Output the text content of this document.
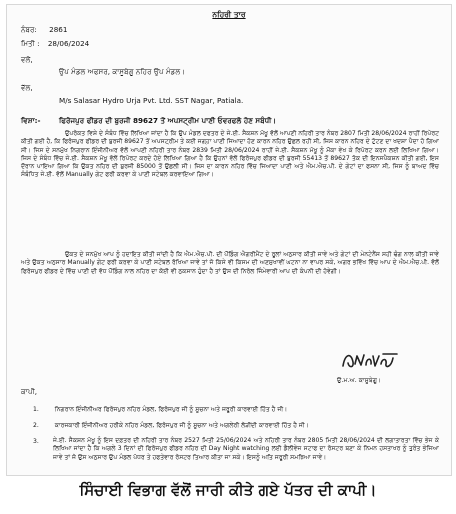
ਨਹਿਰੀ ਤਾਰ
ਨੰਬਰ: 2861
ਮਿਤੀ : 28/06/2024
ਵਲੋਂ,
ਉਪ ਮੰਡਲ ਅਫਸਰ, ਕਾਸੂਬੇਗੂ ਨਹਿਰ ਉਪ ਮੰਡਲ।
ਵੱਲ,
M/s Salasar Hydro Urja Pvt. Ltd. SST Nagar, Patiala.
ਵਿਸ਼ਾ:-	ਫਿਰੋਜਪੁਰ ਫੀਡਰ ਦੀ ਬੁਰਜੀ 89627 ਤੋਂ ਅਪਸਟ੍ਰੀਮ ਪਾਣੀ ਓਵਰਫਲੋ ਹੋਣ ਸਬੰਧੀ।
ਉਪਰੋਕਤ ਵਿਸ਼ੇ ਦੇ ਸੰਬੰਧ ਵਿੱਚ ਲਿਖਿਆ ਜਾਂਦਾ ਹੈ ਕਿ ਉਪ ਮੰਡਲ ਦਫਤਰ ਦੇ ਜੇ.ਈ. ਸੈਕਸ਼ਨ ਮੱਖੂ ਵੱਲੋਂ ਆਪਣੀ ਨਹਿਰੀ ਤਾਰ ਨੰਬਰ 2807 ਮਿਤੀ 28/06/2024 ਰਾਹੀਂ ਰਿਪੋਰਟ ਕੀਤੀ ਗਈ ਹੈ, ਕਿ ਫਿਰੋਜਪੁਰ ਫੀਡਰ ਦੀ ਬੁਰਜੀ 89627 ਤੋਂ ਅਪਸਟ੍ਰੀਮ ਤੇ ਕਈ ਜਗ੍ਹਾ ਪਾਣੀ ਜਿਆਦਾ ਹੋਣ ਕਾਰਨ ਨਹਿਰ ਉਛਲ ਰਹੀ ਸੀ, ਜਿਸ ਕਾਰਨ ਨਹਿਰ ਦੇ ਟੁੱਟਣ ਦਾ ਖਦਸ਼ਾ ਪੈਦਾ ਹੋ ਗਿਆ ਸੀ। ਜਿਸ ਦੇ ਸਨਮੁੱਖ ਨਿਗਰਾਨ ਇੰਜੀਨੀਅਰ ਵੱਲੋਂ ਆਪਣੀ ਨਹਿਰੀ ਤਾਰ ਨੰਬਰ 2839 ਮਿਤੀ 28/06/2024 ਰਾਹੀਂ ਜੇ.ਈ. ਸੈਕਸ਼ਨ ਮੱਖੂ ਨੂੰ ਮੌਕਾ ਵੇਖ ਕੇ ਰਿਪੋਰਟ ਕਰਨ ਲਈ ਲਿਖਿਆ ਗਿਆ। ਜਿਸ ਦੇ ਸੰਬੰਧ ਵਿੱਚ ਜੇ.ਈ. ਸੈਕਸ਼ਨ ਮੱਖੂ ਵੱਲੋਂ ਰਿਪੋਰਟ ਕਰਦੇ ਹੋਏ ਲਿਖਿਆ ਗਿਆ ਹੈ ਕਿ ਉਹਨਾਂ ਵੱਲੋਂ ਫਿਰੋਜਪੁਰ ਫੀਡਰ ਦੀ ਬੁਰਜੀ 55413 ਤੋਂ 89627 ਤੱਕ ਦੀ ਇਨਸਪੈਕਸ਼ਨ ਕੀਤੀ ਗਈ, ਇਸ ਦੌਰਾਨ ਪਾਇਆ ਗਿਆ ਕਿ ਉਕਤ ਨਹਿਰ ਦੀ ਬੁਰਜੀ 85000 ਤੋਂ ਉਛਲੀ ਸੀ। ਜਿਸ ਦਾ ਕਾਰਨ ਨਹਿਰ ਵਿੱਚ ਜਿਆਦਾ ਪਾਣੀ ਅਤੇ ਐਮ.ਐਚ.ਪੀ. ਦੇ ਗੇਟਾਂ ਦਾ ਫਸਨਾ ਸੀ, ਜਿਸ ਨੂੰ ਬਾਅਦ ਵਿੱਚ ਸੰਬੰਧਿਤ ਜੇ.ਈ. ਵੱਲੋਂ Manually ਗੇਟ ਫਰੀ ਕਰਵਾ ਕੇ ਪਾਣੀ ਸਟੇਬਲ ਕਰਵਾਇਆ ਗਿਆ।
ਉਕਤ ਦੇ ਸਨਮੁੱਖ ਆਪ ਨੂੰ ਹਦਾਇਤ ਕੀਤੀ ਜਾਂਦੀ ਹੈ ਕਿ ਐਮ.ਐਚ.ਪੀ. ਦੀ ਪੌਂਡਿੰਗ ਐਗਰੀਮੈਂਟ ਦੇ ਰੂਲਾਂ ਅਨੁਸਾਰ ਕੀਤੀ ਜਾਵੇ ਅਤੇ ਗੇਟਾਂ ਦੀ ਮੇਨਟੇਨੈਂਸ ਸਹੀ ਢੰਗ ਨਾਲ ਕੀਤੀ ਜਾਵੇ ਅਤੇ ਉਕਤ ਅਨੁਸਾਰ Manually ਗੇਟ ਫਰੀ ਕਰਵਾ ਕੇ ਪਾਣੀ ਸਟੇਬਲ ਰੱਖਿਆ ਜਾਵੇ ਤਾਂ ਜੋ ਕਿਸੇ ਵੀ ਕਿਸਮ ਦੀ ਅਣਸੁਖਾਵੀਂ ਘਟਨਾ ਨਾ ਵਾਪਰ ਸਕੇ, ਅਗਰ ਭਵਿੱਖ ਵਿੱਚ ਆਪ ਦੇ ਐਮ.ਐਚ.ਪੀ. ਵੱਲੋਂ ਫਿਰੋਜਪੁਰ ਫੀਡਰ ਦੇ ਵਿੱਚ ਪਾਣੀ ਦੀ ਵੱਧ ਪੌਂਡਿੰਗ ਨਾਲ ਨਹਿਰ ਦਾ ਕੋਈ ਵੀ ਨੁਕਸਾਨ ਹੁੰਦਾ ਹੈ ਤਾਂ ਉਸ ਦੀ ਨਿਰੋਲ ਜਿੰਮੇਵਾਰੀ ਆਪ ਦੀ ਕੰਪਨੀ ਦੀ ਹੋਵੇਗੀ।
ਉ.ਮ.ਅ. ਕਾਸੂਬੇਗੂ।
ਕਾਪੀ,
1.	ਨਿਗਰਾਨ ਇੰਜੀਨੀਅਰ ਫਿਰੋਜਪੁਰ ਨਹਿਰ ਮੰਡਲ, ਫਿਰੋਜਪੁਰ ਜੀ ਨੂੰ ਸੂਚਨਾ ਅਤੇ ਜਰੂਰੀ ਕਾਰਵਾਈ ਹਿੱਤ ਹੈ ਜੀ।
2.	ਕਾਰਜਕਾਰੀ ਇੰਜੀਨੀਅਰ ਹਰੀਕੇ ਨਹਿਰ ਮੰਡਲ, ਫਿਰੋਜਪੁਰ ਜੀ ਨੂੰ ਸੂਚਨਾ ਅਤੇ ਅਗਲੇਰੀ ਲੋੜੀਂਦੀ ਕਾਰਵਾਈ ਹਿੱਤ ਹੈ ਜੀ।
3. ਜੇ.ਈ. ਸੈਕਸ਼ਨ ਮੱਖੂ ਨੂੰ ਇਸ ਦਫ਼ਤਰ ਦੀ ਨਹਿਰੀ ਤਾਰ ਨੰਬਰ 2527 ਮਿਤੀ 25/06/2024 ਅਤੇ ਨਹਿਰੀ ਤਾਰ ਨੰਬਰ 2805 ਮਿਤੀ 28/06/2024 ਦੀ ਲਗਾਤਾਰਤਾ ਵਿੱਚ ਭੇਜ ਕੇ ਲਿਖਿਆ ਜਾਂਦਾ ਹੈ ਕਿ ਅਗਲੇ 3 ਦਿਨਾਂ ਦੀ ਫਿਰੋਜਪੁਰ ਫੀਡਰ ਨਹਿਰ ਦੀ Day Night watching ਲਈ ਡੈਲੀਵੇਜ ਸਟਾਫ ਦਾ ਰੋਸਟਰ ਬਣਾ ਕੇ ਨਿਮਨ ਹਸਤਾਖਰ ਨੂੰ ਤੁਰੰਤ ਭੇਜਿਆ ਜਾਵੇ ਤਾਂ ਜੋ ਉਸ ਅਨੁਸਾਰ ਉਪ ਮੰਡਲ ਪੱਧਰ ਤੇ ਹਫਤੇਵਾਰ ਰੋਸਟਰ ਤਿਆਰ ਕੀਤਾ ਜਾ ਸਕੇ। ਇਸਨੂੰ ਅਤਿ ਜਰੂਰੀ ਸਮਝਿਆ ਜਾਵੇ।
ਸਿੰਚਾਈ ਵਿਭਾਗ ਵੱਲੋਂ ਜਾਰੀ ਕੀਤੇ ਗਏ ਪੱਤਰ ਦੀ ਕਾਪੀ।
